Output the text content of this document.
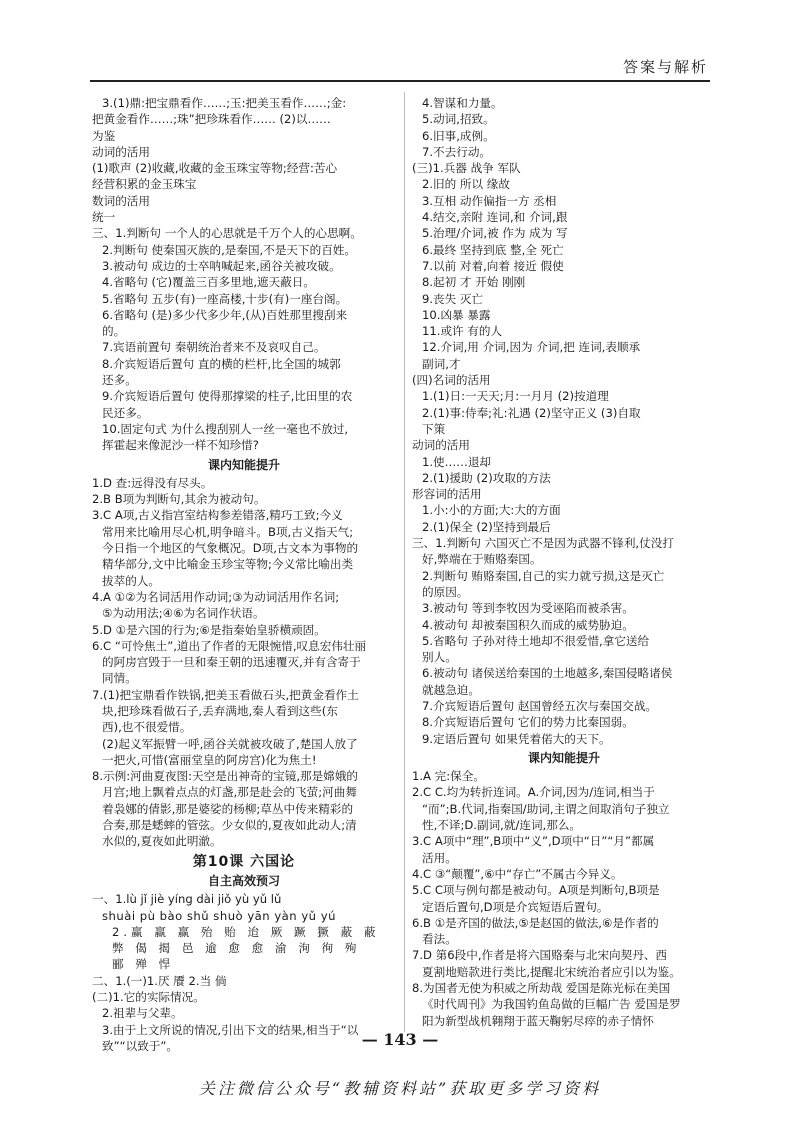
答案与解析

3.(1)鼎:把宝鼎看作……;玉:把美玉看作……;金:

把黄金看作……;珠”把珍珠看作…… (2)以……

为鉴

动词的活用

(1)歌声 (2)收藏,收藏的金玉珠宝等物;经营:苦心

经营积累的金玉珠宝

数词的活用

统一

三、1.判断句 一个人的心思就是千万个人的心思啊。

2.判断句 使秦国灭族的,是秦国,不是天下的百姓。

3.被动句 成边的士卒呐喊起来,函谷关被攻破。

4.省略句 (它)覆盖三百多里地,遮天蔽日。

5.省略句 五步(有)一座高楼,十步(有)一座台阁。

6.省略句 (是)多少代多少年,(从)百姓那里搜刮来

的。

7.宾语前置句 秦朝统治者来不及哀叹自己。

8.介宾短语后置句 直的横的栏杆,比全国的城郭

还多。

9.介宾短语后置句 使得那撑梁的柱子,比田里的农

民还多。

10.固定句式 为什么搜刮别人一丝一毫也不放过,

挥霍起来像泥沙一样不知珍惜?

课内知能提升

1.D 查:远得没有尽头。

2.B B项为判断句,其余为被动句。

3.C A项,古义指宫室结构参差错落,精巧工致;今义

常用来比喻用尽心机,明争暗斗。B项,古义指天气;

今日指一个地区的气象概况。D项,古文本为事物的

精华部分,文中比喻金玉珍宝等物;今义常比喻出类

拔萃的人。

4.A ①②为名词活用作动词;③为动词活用作名词;

⑤为动用法;④⑥为名词作状语。

5.D ①是六国的行为;⑥是指秦始皇骄横顽固。

6.C “可怜焦土”,道出了作者的无限惋惜,叹息宏伟壮丽

的阿房宫毁于一旦和秦王朝的迅速覆灭,并有含寄于

同情。

7.(1)把宝鼎看作铁锅,把美玉看做石头,把黄金看作土

块,把珍珠看做石子,丢弃满地,秦人看到这些(东

西),也不很爱惜。

(2)起义军振臂一呼,函谷关就被攻破了,楚国人放了

一把火,可惜(富丽堂皇的阿房宫)化为焦土!

8.示例:河曲夏夜图:天空是出神奇的宝镜,那是嫦娥的

月宫;地上飘着点点的灯盏,那是赴会的飞萤;河曲舞

着袅娜的倩影,那是婆娑的杨柳;草丛中传来精彩的

合奏,那是蟋蟀的管弦。少女似的,夏夜如此动人;清

水似的,夏夜如此明澈。

第10课 六国论

自主高效预习

一、1.lù jǐ jiè yíng dài jiǒ yù yǔ lǔ

shuài pù bào shǔ shuò yān yàn yǔ yú

2.赢 赢 赢 殆 贻 迨 厥 蹶 獗 蔽 蔽

弊 偈 揭 邑 逾 愈 愈 渝 洵 徇 殉

郦 殚 悍

二、1.(一)1.厌 餍 2.当 倘

(二)1.它的实际情况。

2.祖辈与父辈。

3.由于上文所说的情况,引出下文的结果,相当于“以

致”“以致于”。

4.智谋和力量。

5.动词,招致。

6.旧事,成例。

7.不去行动。

(三)1.兵器 战争 军队

2.旧的 所以 缘故

3.互相 动作偏指一方 丞相

4.结交,亲附 连词,和 介词,跟

5.治理/介词,被 作为 成为 写

6.最终 坚持到底 整,全 死亡

7.以前 对着,向着 接近 假使

8.起初 才 开始 刚刚

9.丧失 灭亡

10.凶暴 暴露

11.或许 有的人

12.介词,用 介词,因为 介词,把 连词,表顺承

副词,才

(四)名词的活用

1.(1)日:一天天;月:一月月 (2)按道理

2.(1)事:侍奉;礼:礼遇 (2)坚守正义 (3)自取

下策

动词的活用

1.使……退却

2.(1)援助 (2)攻取的方法

形容词的活用

1.小:小的方面;大:大的方面

2.(1)保全 (2)坚持到最后

三、1.判断句 六国灭亡不是因为武器不锋利,仗没打

好,弊端在于贿赂秦国。

2.判断句 贿赂秦国,自己的实力就亏损,这是灭亡

的原因。

3.被动句 等到李牧因为受诬陷而被杀害。

4.被动句 却被秦国积久而成的威势胁迫。

5.省略句 子孙对待土地却不很爱惜,拿它送给

别人。

6.被动句 诸侯送给秦国的土地越多,秦国侵略诸侯

就越急迫。

7.介宾短语后置句 赵国曾经五次与秦国交战。

8.介宾短语后置句 它们的势力比秦国弱。

9.定语后置句 如果凭着偌大的天下。

课内知能提升

1.A 完:保全。

2.C C.均为转折连词。A.介词,因为/连词,相当于

“而”;B.代词,指秦国/助词,主谓之间取消句子独立

性,不译;D.副词,就/连词,那么。

3.C A项中“理”,B项中“义”,D项中“日”“月”都属

活用。

4.C ③“颠覆”,⑥中“存亡”不属古今异义。

5.C C项与例句都是被动句。A项是判断句,B项是

定语后置句,D项是介宾短语后置句。

6.B ①是齐国的做法,⑤是赵国的做法,⑥是作者的

看法。

7.D 第6段中,作者是将六国赂秦与北宋向契丹、西

夏割地赔款进行类比,提醒北宋统治者应引以为鉴。

8.为国者无使为积威之所劫哉 爱国是陈光标在美国

《时代周刊》为我国钓鱼岛做的巨幅广告 爱国是罗

阳为新型战机翱翔于蓝天鞠躬尽瘁的赤子情怀

— 143 —
关注微信公众号“教辅资料站”获取更多学习资料
